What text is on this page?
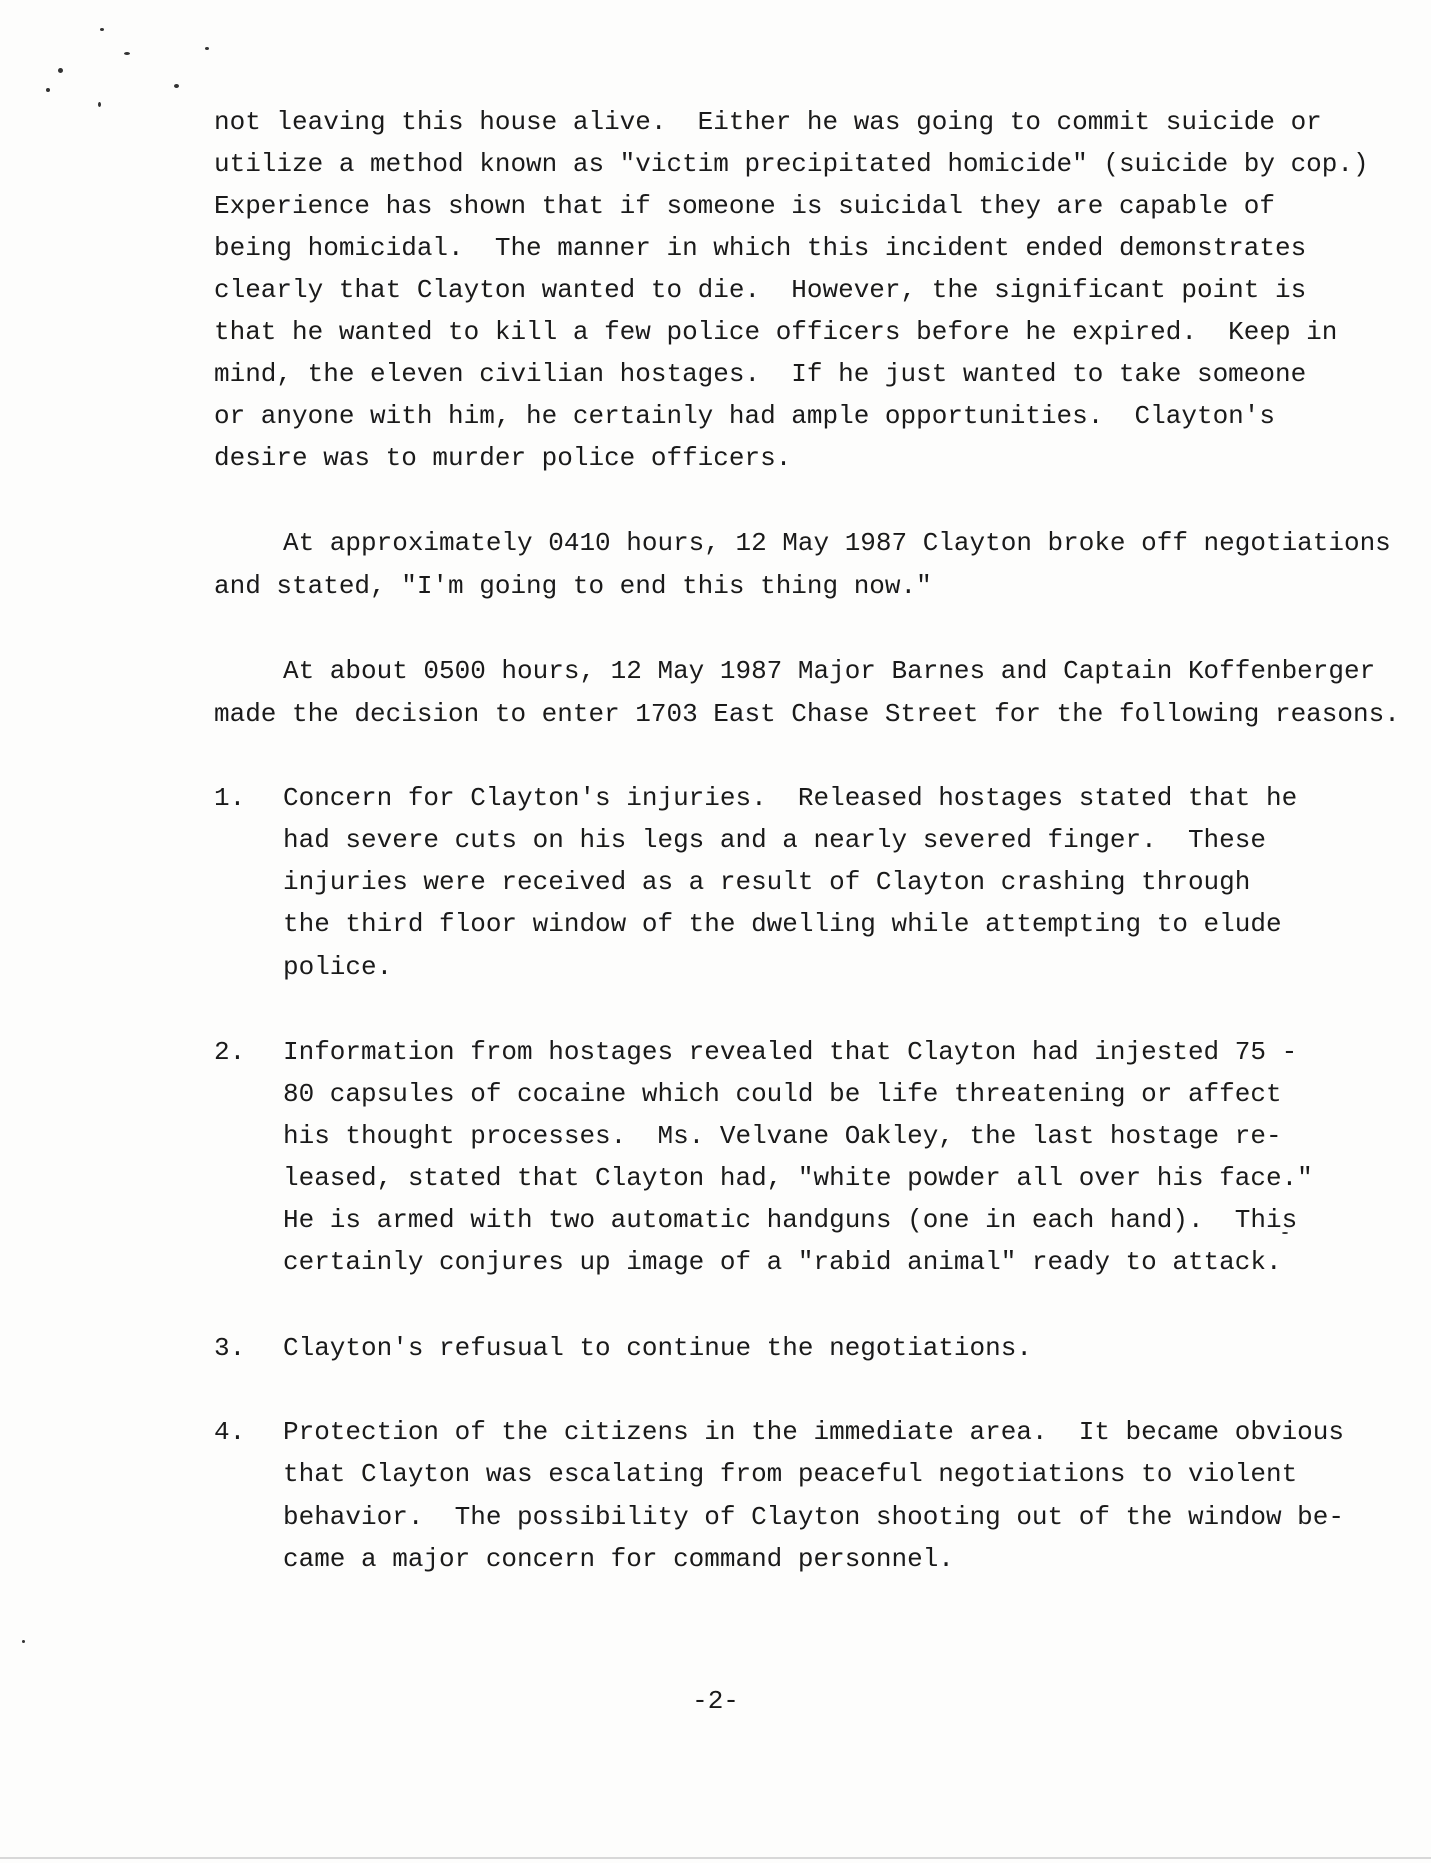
not leaving this house alive.  Either he was going to commit suicide or
utilize a method known as "victim precipitated homicide" (suicide by cop.)
Experience has shown that if someone is suicidal they are capable of
being homicidal.  The manner in which this incident ended demonstrates
clearly that Clayton wanted to die.  However, the significant point is
that he wanted to kill a few police officers before he expired.  Keep in
mind, the eleven civilian hostages.  If he just wanted to take someone
or anyone with him, he certainly had ample opportunities.  Clayton's
desire was to murder police officers.
At approximately 0410 hours, 12 May 1987 Clayton broke off negotiations
and stated, "I'm going to end this thing now."
At about 0500 hours, 12 May 1987 Major Barnes and Captain Koffenberger
made the decision to enter 1703 East Chase Street for the following reasons.
1. Concern for Clayton's injuries.  Released hostages stated that he
had severe cuts on his legs and a nearly severed finger.  These
injuries were received as a result of Clayton crashing through
the third floor window of the dwelling while attempting to elude
police.
2. Information from hostages revealed that Clayton had injested 75 -
80 capsules of cocaine which could be life threatening or affect
his thought processes.  Ms. Velvane Oakley, the last hostage re-
leased, stated that Clayton had, "white powder all over his face."
He is armed with two automatic handguns (one in each hand).  This
certainly conjures up image of a "rabid animal" ready to attack.
3. Clayton's refusual to continue the negotiations.
4. Protection of the citizens in the immediate area.  It became obvious
that Clayton was escalating from peaceful negotiations to violent
behavior.  The possibility of Clayton shooting out of the window be-
came a major concern for command personnel.
-2-
